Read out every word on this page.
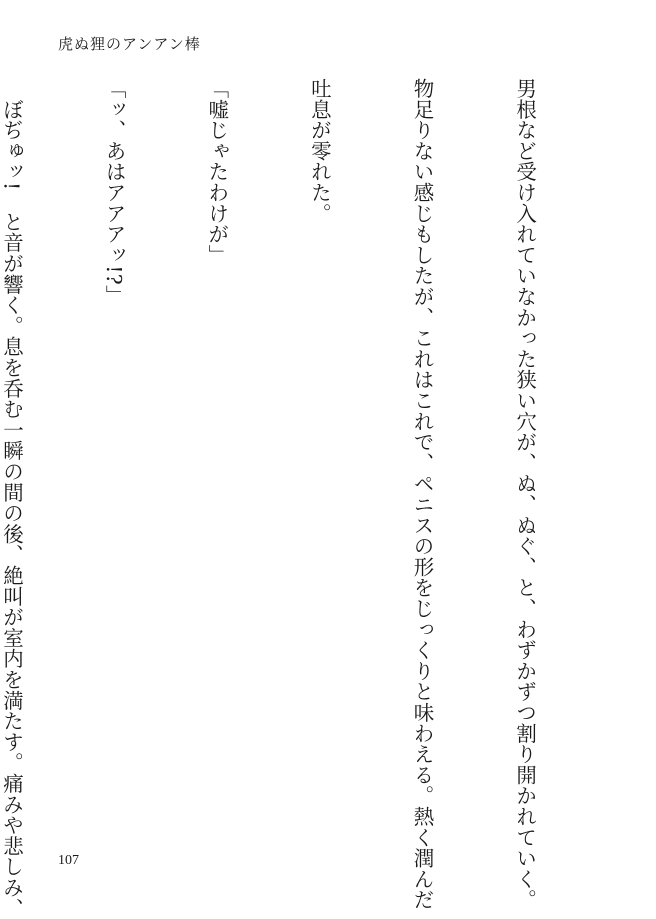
虎ぬ狸のアンアン棒

男根など受け入れていなかった狭い穴が、ぬ、ぬぐ、と、わずかずつ割り開かれていく。

物足りない感じもしたが、これはこれで、ペニスの形をじっくりと味わえる。熱く潤んだ

吐息が零れた。

「嘘じゃたわけが」

「ッ、あはアアアッ!?」

　ぼぢゅッ!　と音が響く。息を呑む一瞬の間の後、絶叫が室内を満たす。痛みや悲しみ、

	107
